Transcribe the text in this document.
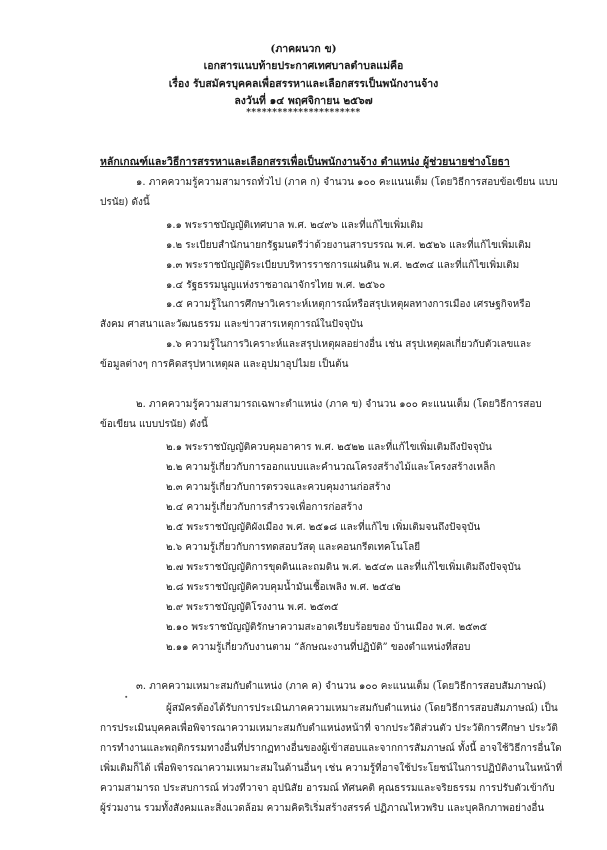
(ภาคผนวก ข)
เอกสารแนบท้ายประกาศเทศบาลตำบลแม่คือ
เรื่อง รับสมัครบุคคลเพื่อสรรหาและเลือกสรรเป็นพนักงานจ้าง
ลงวันที่ ๑๔ พฤศจิกายน ๒๕๖๗
**********************
หลักเกณฑ์และวิธีการสรรหาและเลือกสรรเพื่อเป็นพนักงานจ้าง ตำแหน่ง ผู้ช่วยนายช่างโยธา
๑. ภาคความรู้ความสามารถทั่วไป (ภาค ก) จำนวน ๑๐๐ คะแนนเต็ม (โดยวิธีการสอบข้อเขียน แบบ
ปรนัย) ดังนี้
๑.๑ พระราชบัญญัติเทศบาล พ.ศ. ๒๔๙๖ และที่แก้ไขเพิ่มเติม
๑.๒ ระเบียบสำนักนายกรัฐมนตรีว่าด้วยงานสารบรรณ พ.ศ. ๒๕๒๖ และที่แก้ไขเพิ่มเติม
๑.๓ พระราชบัญญัติระเบียบบริหารราชการแผ่นดิน พ.ศ. ๒๕๓๔ และที่แก้ไขเพิ่มเติม
๑.๔ รัฐธรรมนูญแห่งราชอาณาจักรไทย พ.ศ. ๒๕๖๐
๑.๕ ความรู้ในการศึกษาวิเคราะห์เหตุการณ์หรือสรุปเหตุผลทางการเมือง เศรษฐกิจหรือ
สังคม ศาสนาและวัฒนธรรม และข่าวสารเหตุการณ์ในปัจจุบัน
๑.๖ ความรู้ในการวิเคราะห์และสรุปเหตุผลอย่างอื่น เช่น สรุปเหตุผลเกี่ยวกับตัวเลขและ
ข้อมูลต่างๆ การคิดสรุปหาเหตุผล และอุปมาอุปไมย เป็นต้น
๒. ภาคความรู้ความสามารถเฉพาะตำแหน่ง (ภาค ข) จำนวน ๑๐๐ คะแนนเต็ม (โดยวิธีการสอบ
ข้อเขียน แบบปรนัย) ดังนี้
๒.๑ พระราชบัญญัติควบคุมอาคาร พ.ศ. ๒๕๒๒ และที่แก้ไขเพิ่มเติมถึงปัจจุบัน
๒.๒ ความรู้เกี่ยวกับการออกแบบและคำนวณโครงสร้างไม้และโครงสร้างเหล็ก
๒.๓ ความรู้เกี่ยวกับการตรวจและควบคุมงานก่อสร้าง
๒.๔ ความรู้เกี่ยวกับการสำรวจเพื่อการก่อสร้าง
๒.๕ พระราชบัญญัติผังเมือง พ.ศ. ๒๕๑๘ และที่แก้ไข เพิ่มเติมจนถึงปัจจุบัน
๒.๖ ความรู้เกี่ยวกับการทดสอบวัสดุ และคอนกรีตเทคโนโลยี
๒.๗ พระราชบัญญัติการขุดดินและถมดิน พ.ศ. ๒๕๔๓ และที่แก้ไขเพิ่มเติมถึงปัจจุบัน
๒.๘ พระราชบัญญัติควบคุมน้ำมันเชื้อเพลิง พ.ศ. ๒๕๔๒
๒.๙ พระราชบัญญัติโรงงาน พ.ศ. ๒๕๓๕
๒.๑๐ พระราชบัญญัติรักษาความสะอาดเรียบร้อยของ บ้านเมือง พ.ศ. ๒๕๓๕
๒.๑๑ ความรู้เกี่ยวกับงานตาม “ลักษณะงานที่ปฏิบัติ” ของตำแหน่งที่สอบ
๓. ภาคความเหมาะสมกับตำแหน่ง (ภาค ค) จำนวน ๑๐๐ คะแนนเต็ม (โดยวิธีการสอบสัมภาษณ์)
ผู้สมัครต้องได้รับการประเมินภาคความเหมาะสมกับตำแหน่ง (โดยวิธีการสอบสัมภาษณ์) เป็น
การประเมินบุคคลเพื่อพิจารณาความเหมาะสมกับตำแหน่งหน้าที่ จากประวัติส่วนตัว ประวัติการศึกษา ประวัติ
การทำงานและพฤติกรรมทางอื่นที่ปรากฏทางอื่นของผู้เข้าสอบและจากการสัมภาษณ์ ทั้งนี้ อาจใช้วิธีการอื่นใด
เพิ่มเติมก็ได้ เพื่อพิจารณาความเหมาะสมในด้านอื่นๆ เช่น ความรู้ที่อาจใช้ประโยชน์ในการปฏิบัติงานในหน้าที่
ความสามารถ ประสบการณ์ ท่วงทีวาจา อุปนิสัย อารมณ์ ทัศนคติ คุณธรรมและจริยธรรม การปรับตัวเข้ากับ
ผู้ร่วมงาน รวมทั้งสังคมและสิ่งแวดล้อม ความคิดริเริ่มสร้างสรรค์ ปฏิภาณไหวพริบ และบุคลิกภาพอย่างอื่น
